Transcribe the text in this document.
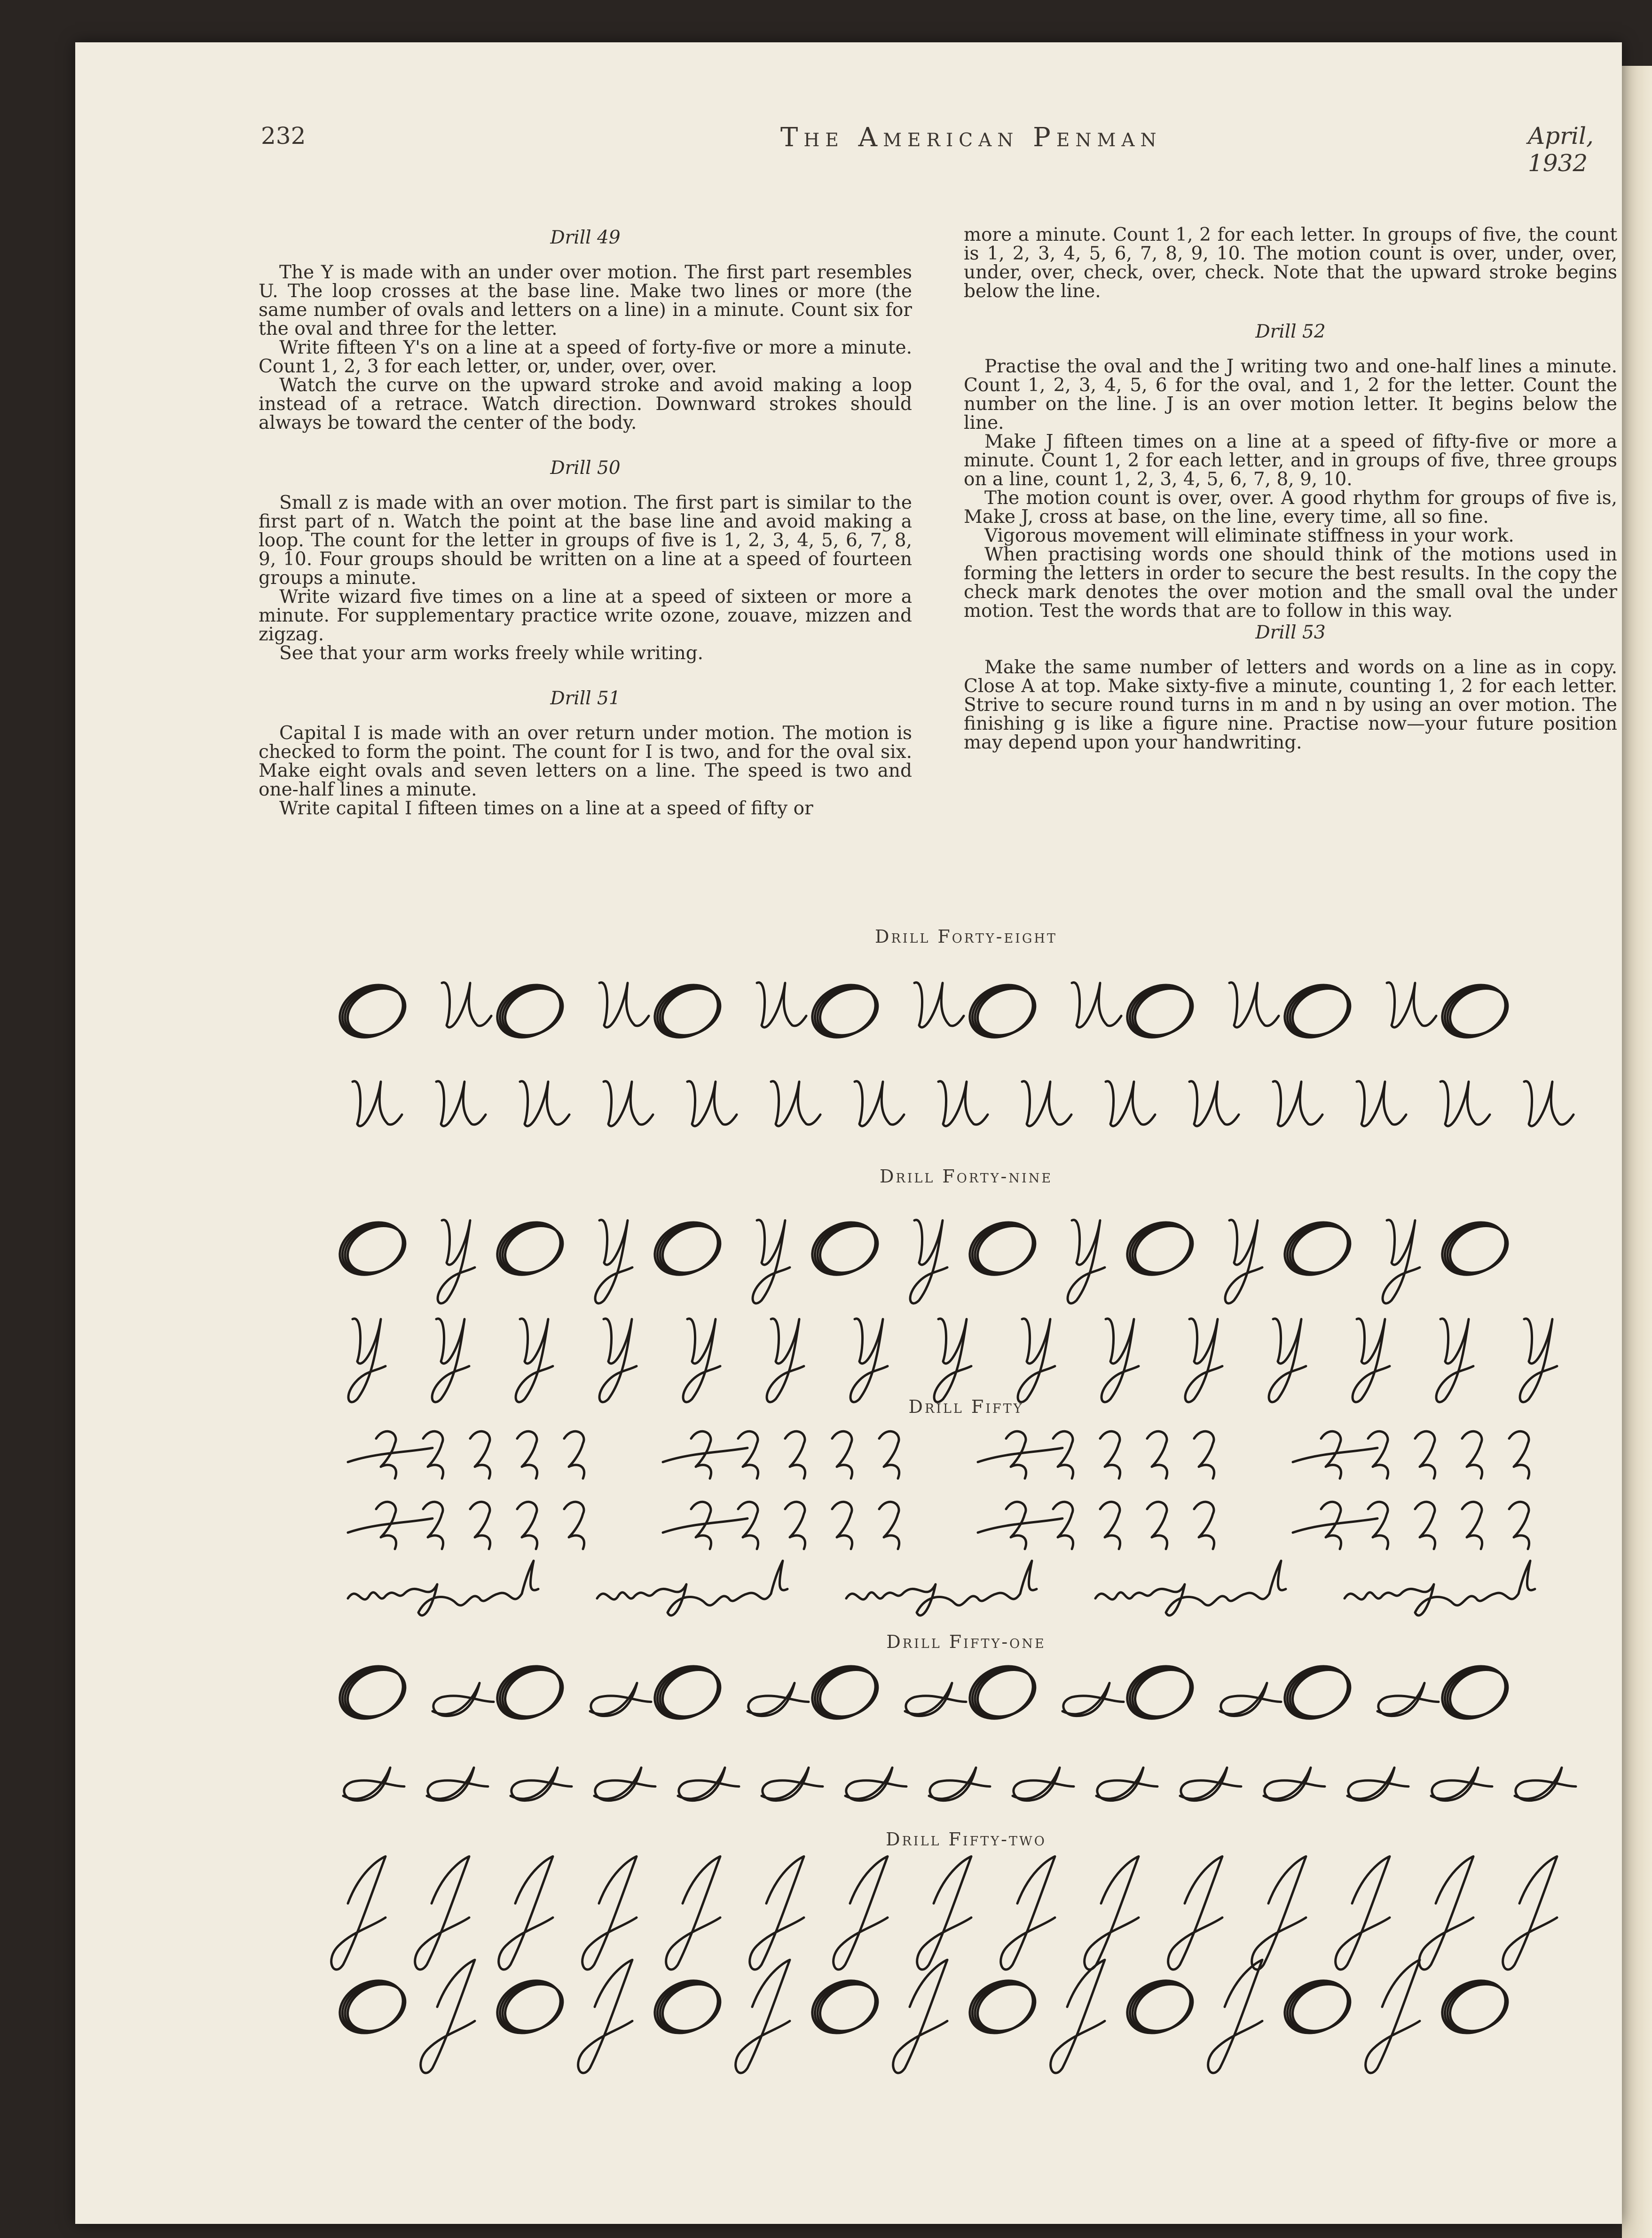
232	The American Penman	April, 1932
Drill 49

The Y is made with an under over motion. The first part resembles U. The loop crosses at the base line. Make two lines or more (the same number of ovals and letters on a line) in a minute. Count six for the oval and three for the letter.

Write fifteen Y's on a line at a speed of forty-five or more a minute. Count 1, 2, 3 for each letter, or, under, over, over.

Watch the curve on the upward stroke and avoid making a loop instead of a retrace. Watch direction. Downward strokes should always be toward the center of the body.

Drill 50

Small z is made with an over motion. The first part is similar to the first part of n. Watch the point at the base line and avoid making a loop. The count for the letter in groups of five is 1, 2, 3, 4, 5, 6, 7, 8, 9, 10. Four groups should be written on a line at a speed of fourteen groups a minute.

Write wizard five times on a line at a speed of sixteen or more a minute. For supplementary practice write ozone, zouave, mizzen and zigzag.

See that your arm works freely while writing.

Drill 51

Capital I is made with an over return under motion. The motion is checked to form the point. The count for I is two, and for the oval six. Make eight ovals and seven letters on a line. The speed is two and one-half lines a minute.

Write capital I fifteen times on a line at a speed of fifty or

more a minute. Count 1, 2 for each letter. In groups of five, the count is 1, 2, 3, 4, 5, 6, 7, 8, 9, 10. The motion count is over, under, over, under, over, check, over, check. Note that the upward stroke begins below the line.

Drill 52

Practise the oval and the J writing two and one-half lines a minute. Count 1, 2, 3, 4, 5, 6 for the oval, and 1, 2 for the letter. Count the number on the line. J is an over motion letter. It begins below the line.

Make J fifteen times on a line at a speed of fifty-five or more a minute. Count 1, 2 for each letter, and in groups of five, three groups on a line, count 1, 2, 3, 4, 5, 6, 7, 8, 9, 10.

The motion count is over, over. A good rhythm for groups of five is, Make J, cross at base, on the line, every time, all so fine.

Vigorous movement will eliminate stiffness in your work.

When practising words one should think of the motions used in forming the letters in order to secure the best results. In the copy the check mark denotes the over motion and the small oval the under motion. Test the words that are to follow in this way.

Drill 53

Make the same number of letters and words on a line as in copy. Close A at top. Make sixty-five a minute, counting 1, 2 for each letter. Strive to secure round turns in m and n by using an over motion. The finishing g is like a figure nine. Practise now—your future position may depend upon your handwriting.

Drill Forty-eight
Drill Forty-nine
Drill Fifty
Drill Fifty-one
Drill Fifty-two
